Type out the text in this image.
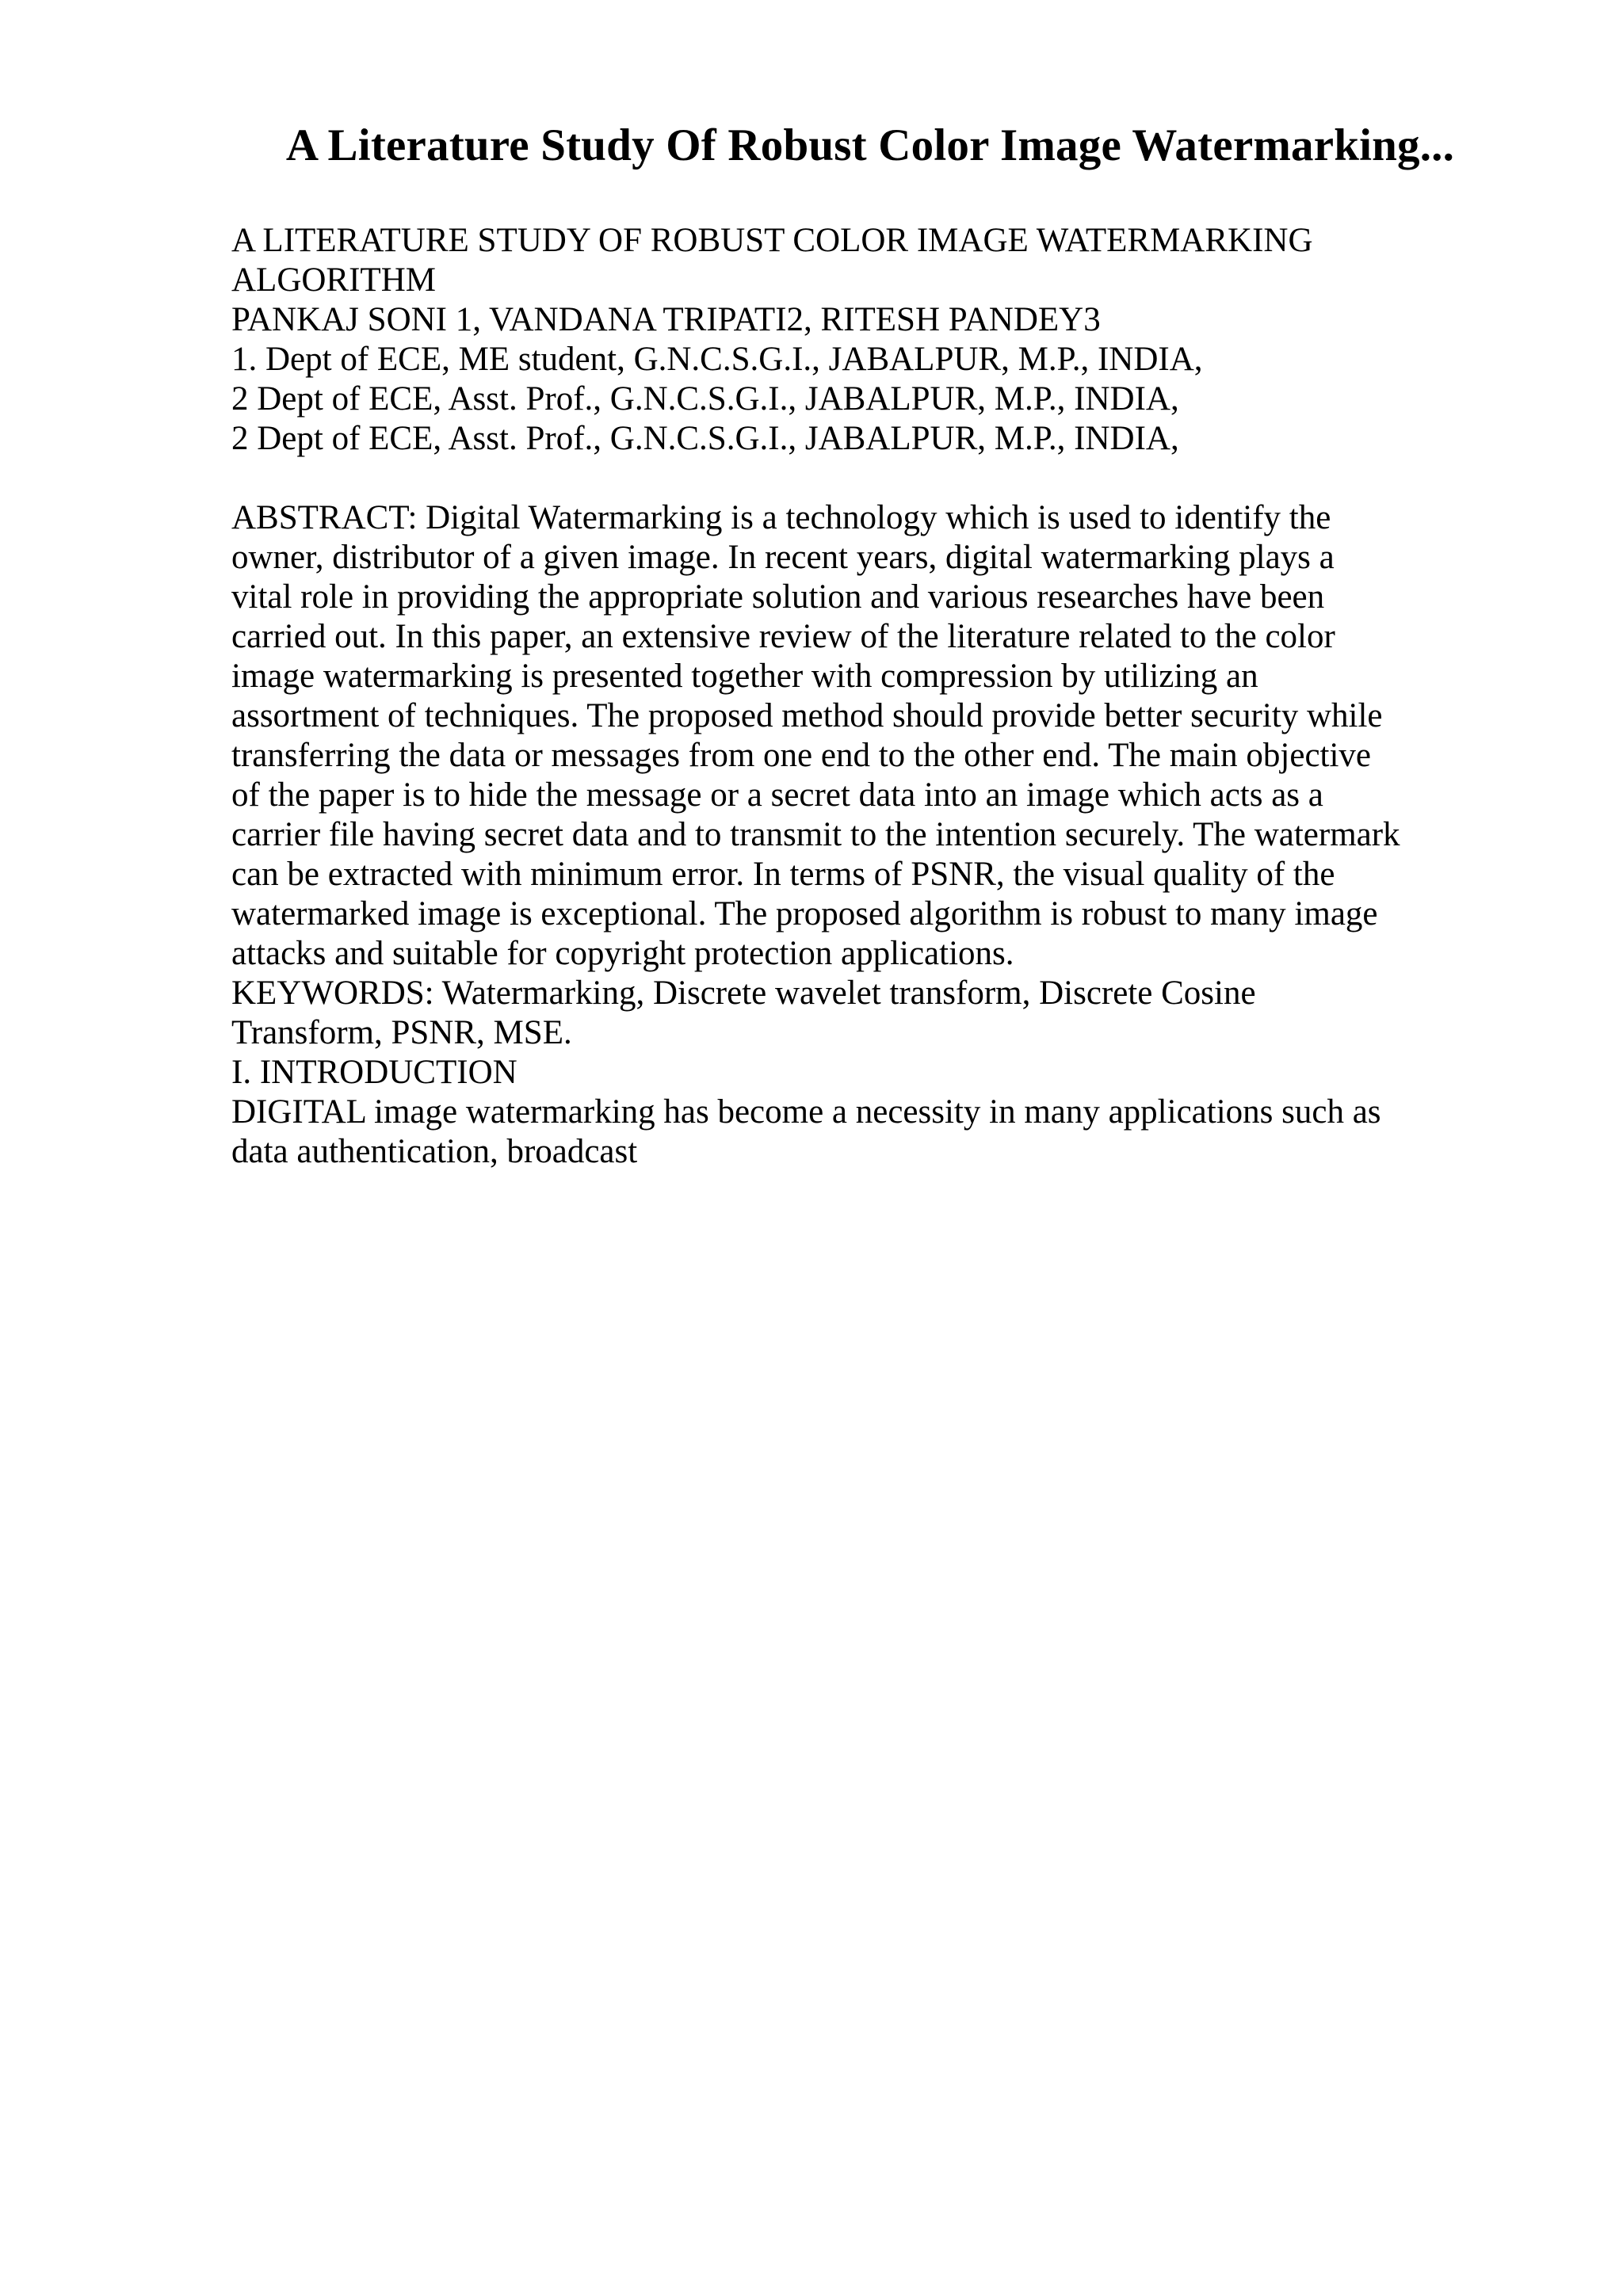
A Literature Study Of Robust Color Image Watermarking...
A LITERATURE STUDY OF ROBUST COLOR IMAGE WATERMARKING
ALGORITHM
PANKAJ SONI 1, VANDANA TRIPATI2, RITESH PANDEY3
1. Dept of ECE, ME student, G.N.C.S.G.I., JABALPUR, M.P., INDIA,
2 Dept of ECE, Asst. Prof., G.N.C.S.G.I., JABALPUR, M.P., INDIA,
2 Dept of ECE, Asst. Prof., G.N.C.S.G.I., JABALPUR, M.P., INDIA,
ABSTRACT: Digital Watermarking is a technology which is used to identify the
owner, distributor of a given image. In recent years, digital watermarking plays a
vital role in providing the appropriate solution and various researches have been
carried out. In this paper, an extensive review of the literature related to the color
image watermarking is presented together with compression by utilizing an
assortment of techniques. The proposed method should provide better security while
transferring the data or messages from one end to the other end. The main objective
of the paper is to hide the message or a secret data into an image which acts as a
carrier file having secret data and to transmit to the intention securely. The watermark
can be extracted with minimum error. In terms of PSNR, the visual quality of the
watermarked image is exceptional. The proposed algorithm is robust to many image
attacks and suitable for copyright protection applications.
KEYWORDS: Watermarking, Discrete wavelet transform, Discrete Cosine
Transform, PSNR, MSE.
I. INTRODUCTION
DIGITAL image watermarking has become a necessity in many applications such as
data authentication, broadcast
